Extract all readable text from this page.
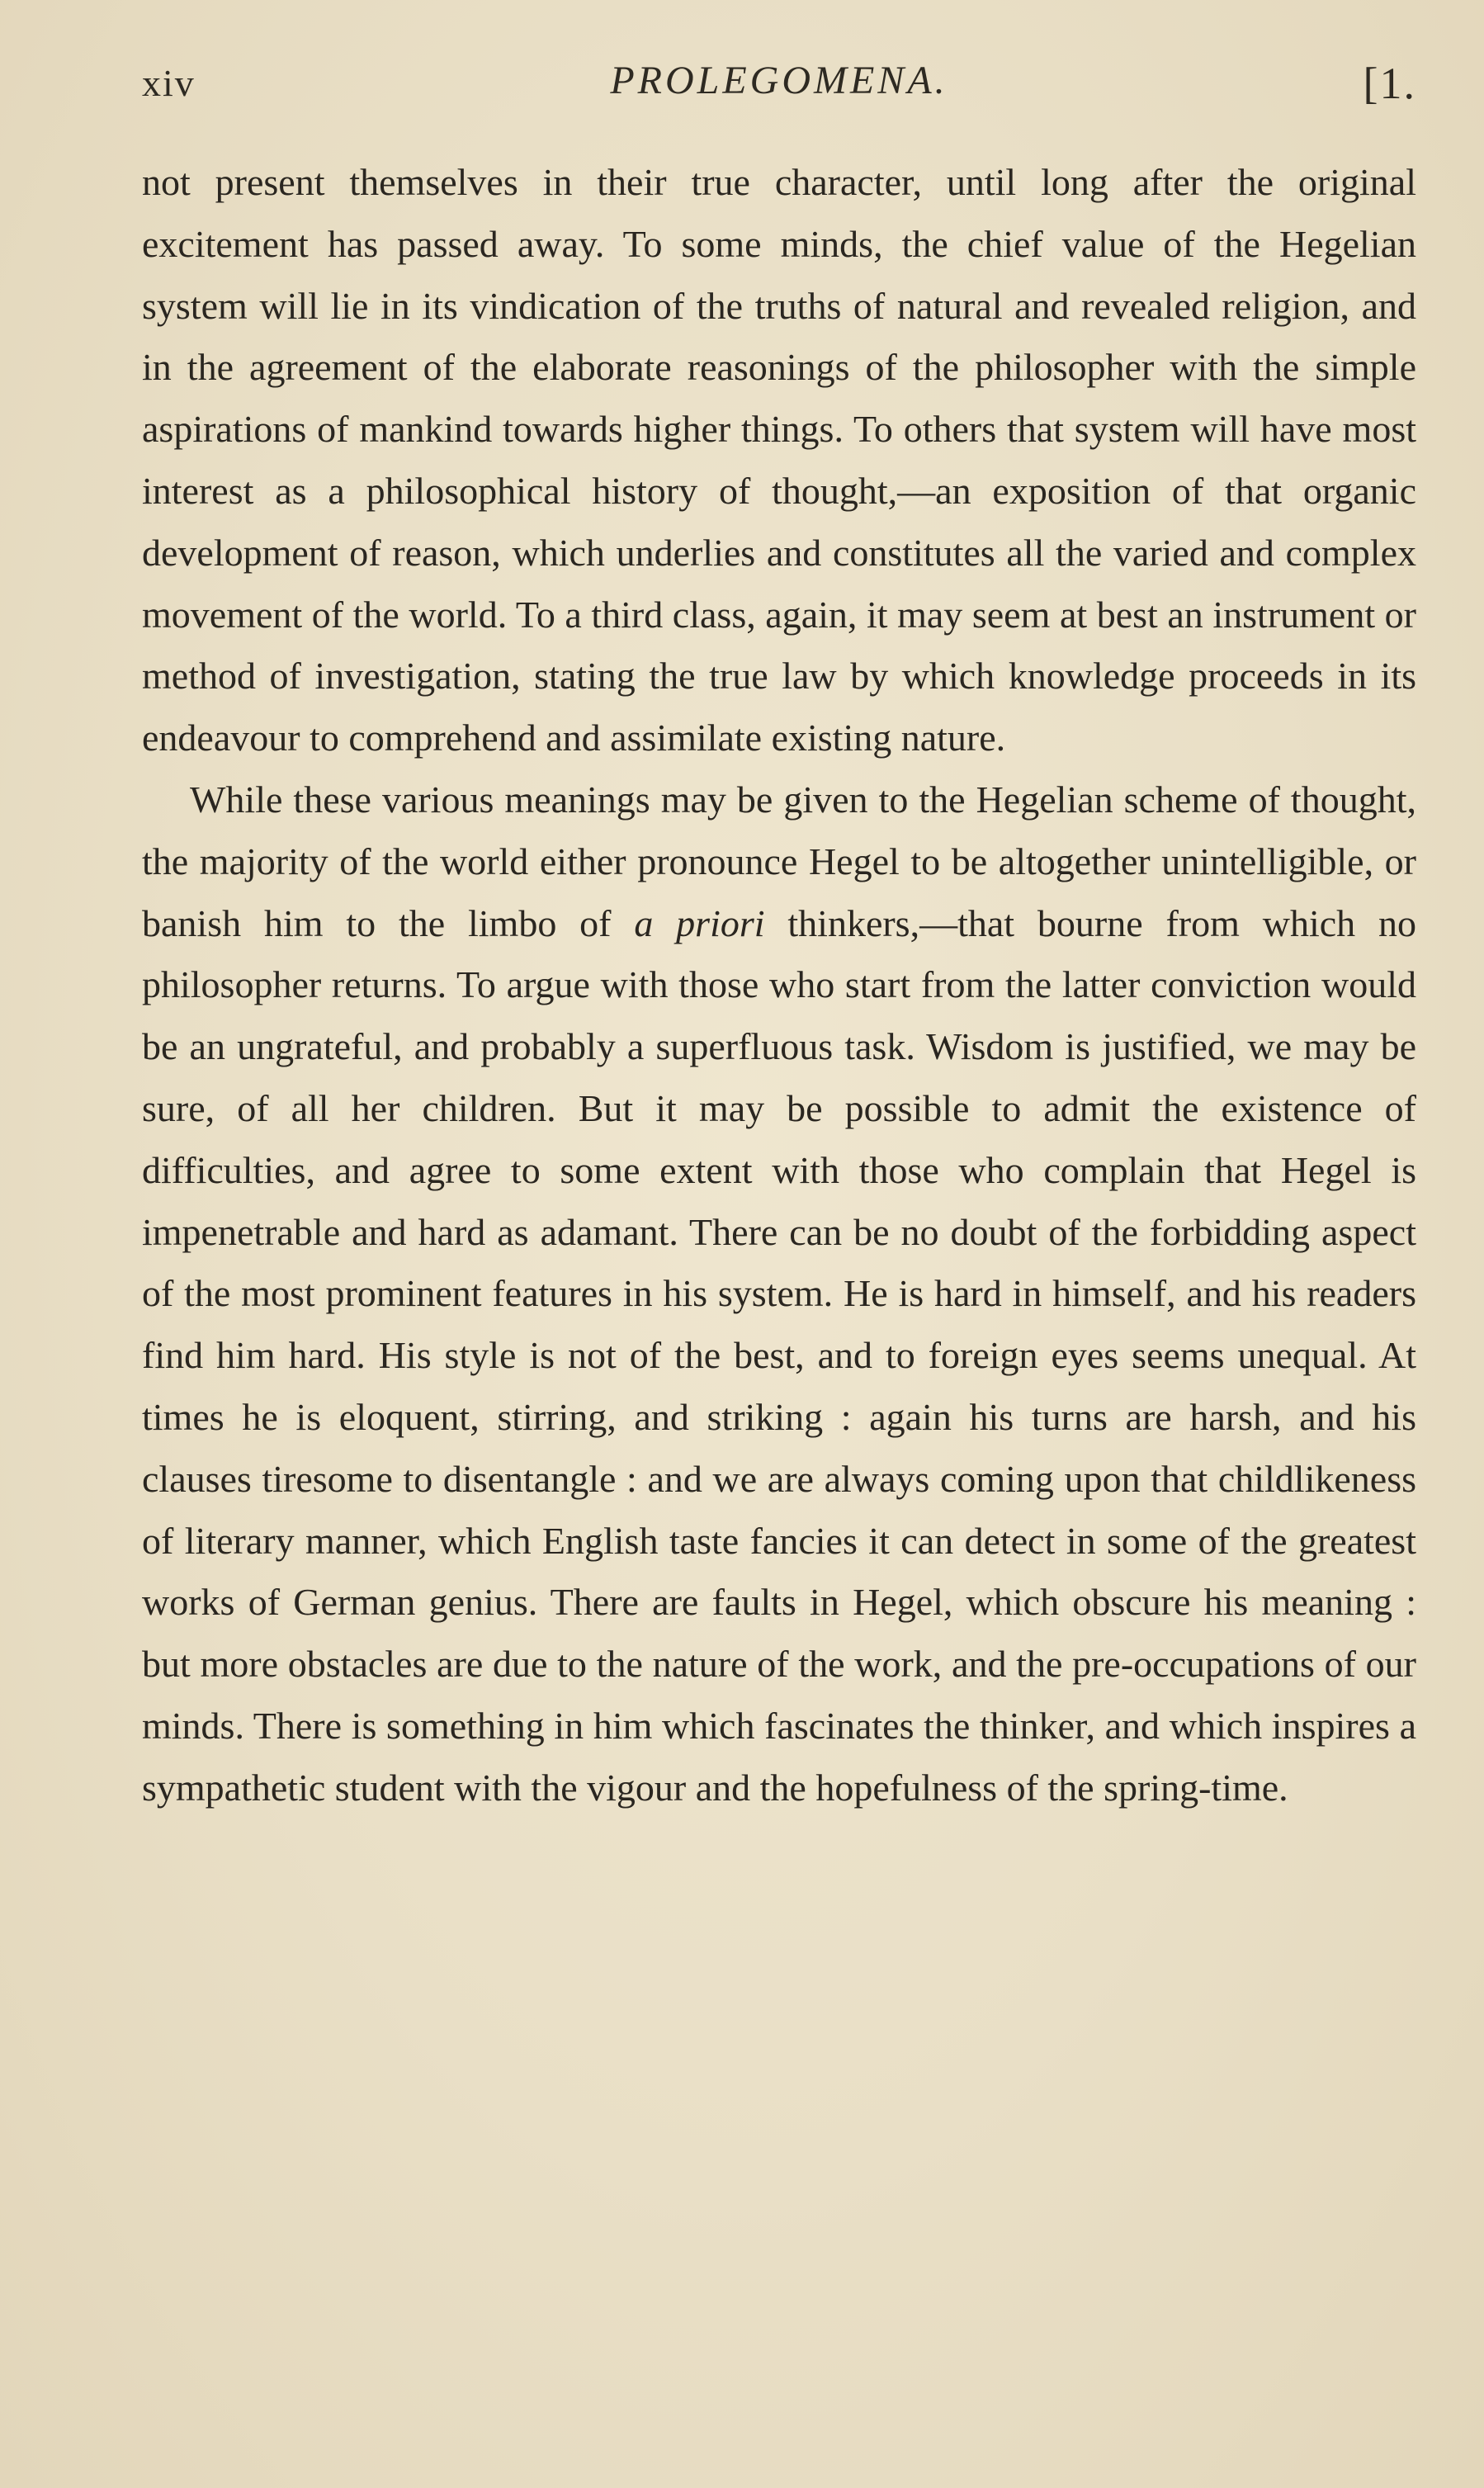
xiv	PROLEGOMENA.	[1.

not present themselves in their true character, until long after the original excitement has passed away. To some minds, the chief value of the Hegelian system will lie in its vindication of the truths of natural and revealed religion, and in the agreement of the elaborate reasonings of the philosopher with the simple aspirations of mankind towards higher things. To others that system will have most interest as a philosophical history of thought,—an exposition of that organic development of reason, which underlies and constitutes all the varied and complex movement of the world. To a third class, again, it may seem at best an instrument or method of investigation, stating the true law by which knowledge proceeds in its endeavour to comprehend and assimilate existing nature.

While these various meanings may be given to the Hegelian scheme of thought, the majority of the world either pronounce Hegel to be altogether unintelligible, or banish him to the limbo of a priori thinkers,—that bourne from which no philosopher returns. To argue with those who start from the latter conviction would be an ungrateful, and probably a superfluous task. Wisdom is justified, we may be sure, of all her children. But it may be possible to admit the existence of difficulties, and agree to some extent with those who complain that Hegel is impenetrable and hard as adamant. There can be no doubt of the forbidding aspect of the most prominent features in his system. He is hard in himself, and his readers find him hard. His style is not of the best, and to foreign eyes seems unequal. At times he is eloquent, stirring, and striking : again his turns are harsh, and his clauses tiresome to disentangle : and we are always coming upon that childlikeness of literary manner, which English taste fancies it can detect in some of the greatest works of German genius. There are faults in Hegel, which obscure his meaning : but more obstacles are due to the nature of the work, and the pre-occupations of our minds. There is something in him which fascinates the thinker, and which inspires a sympathetic student with the vigour and the hopefulness of the spring-time.
